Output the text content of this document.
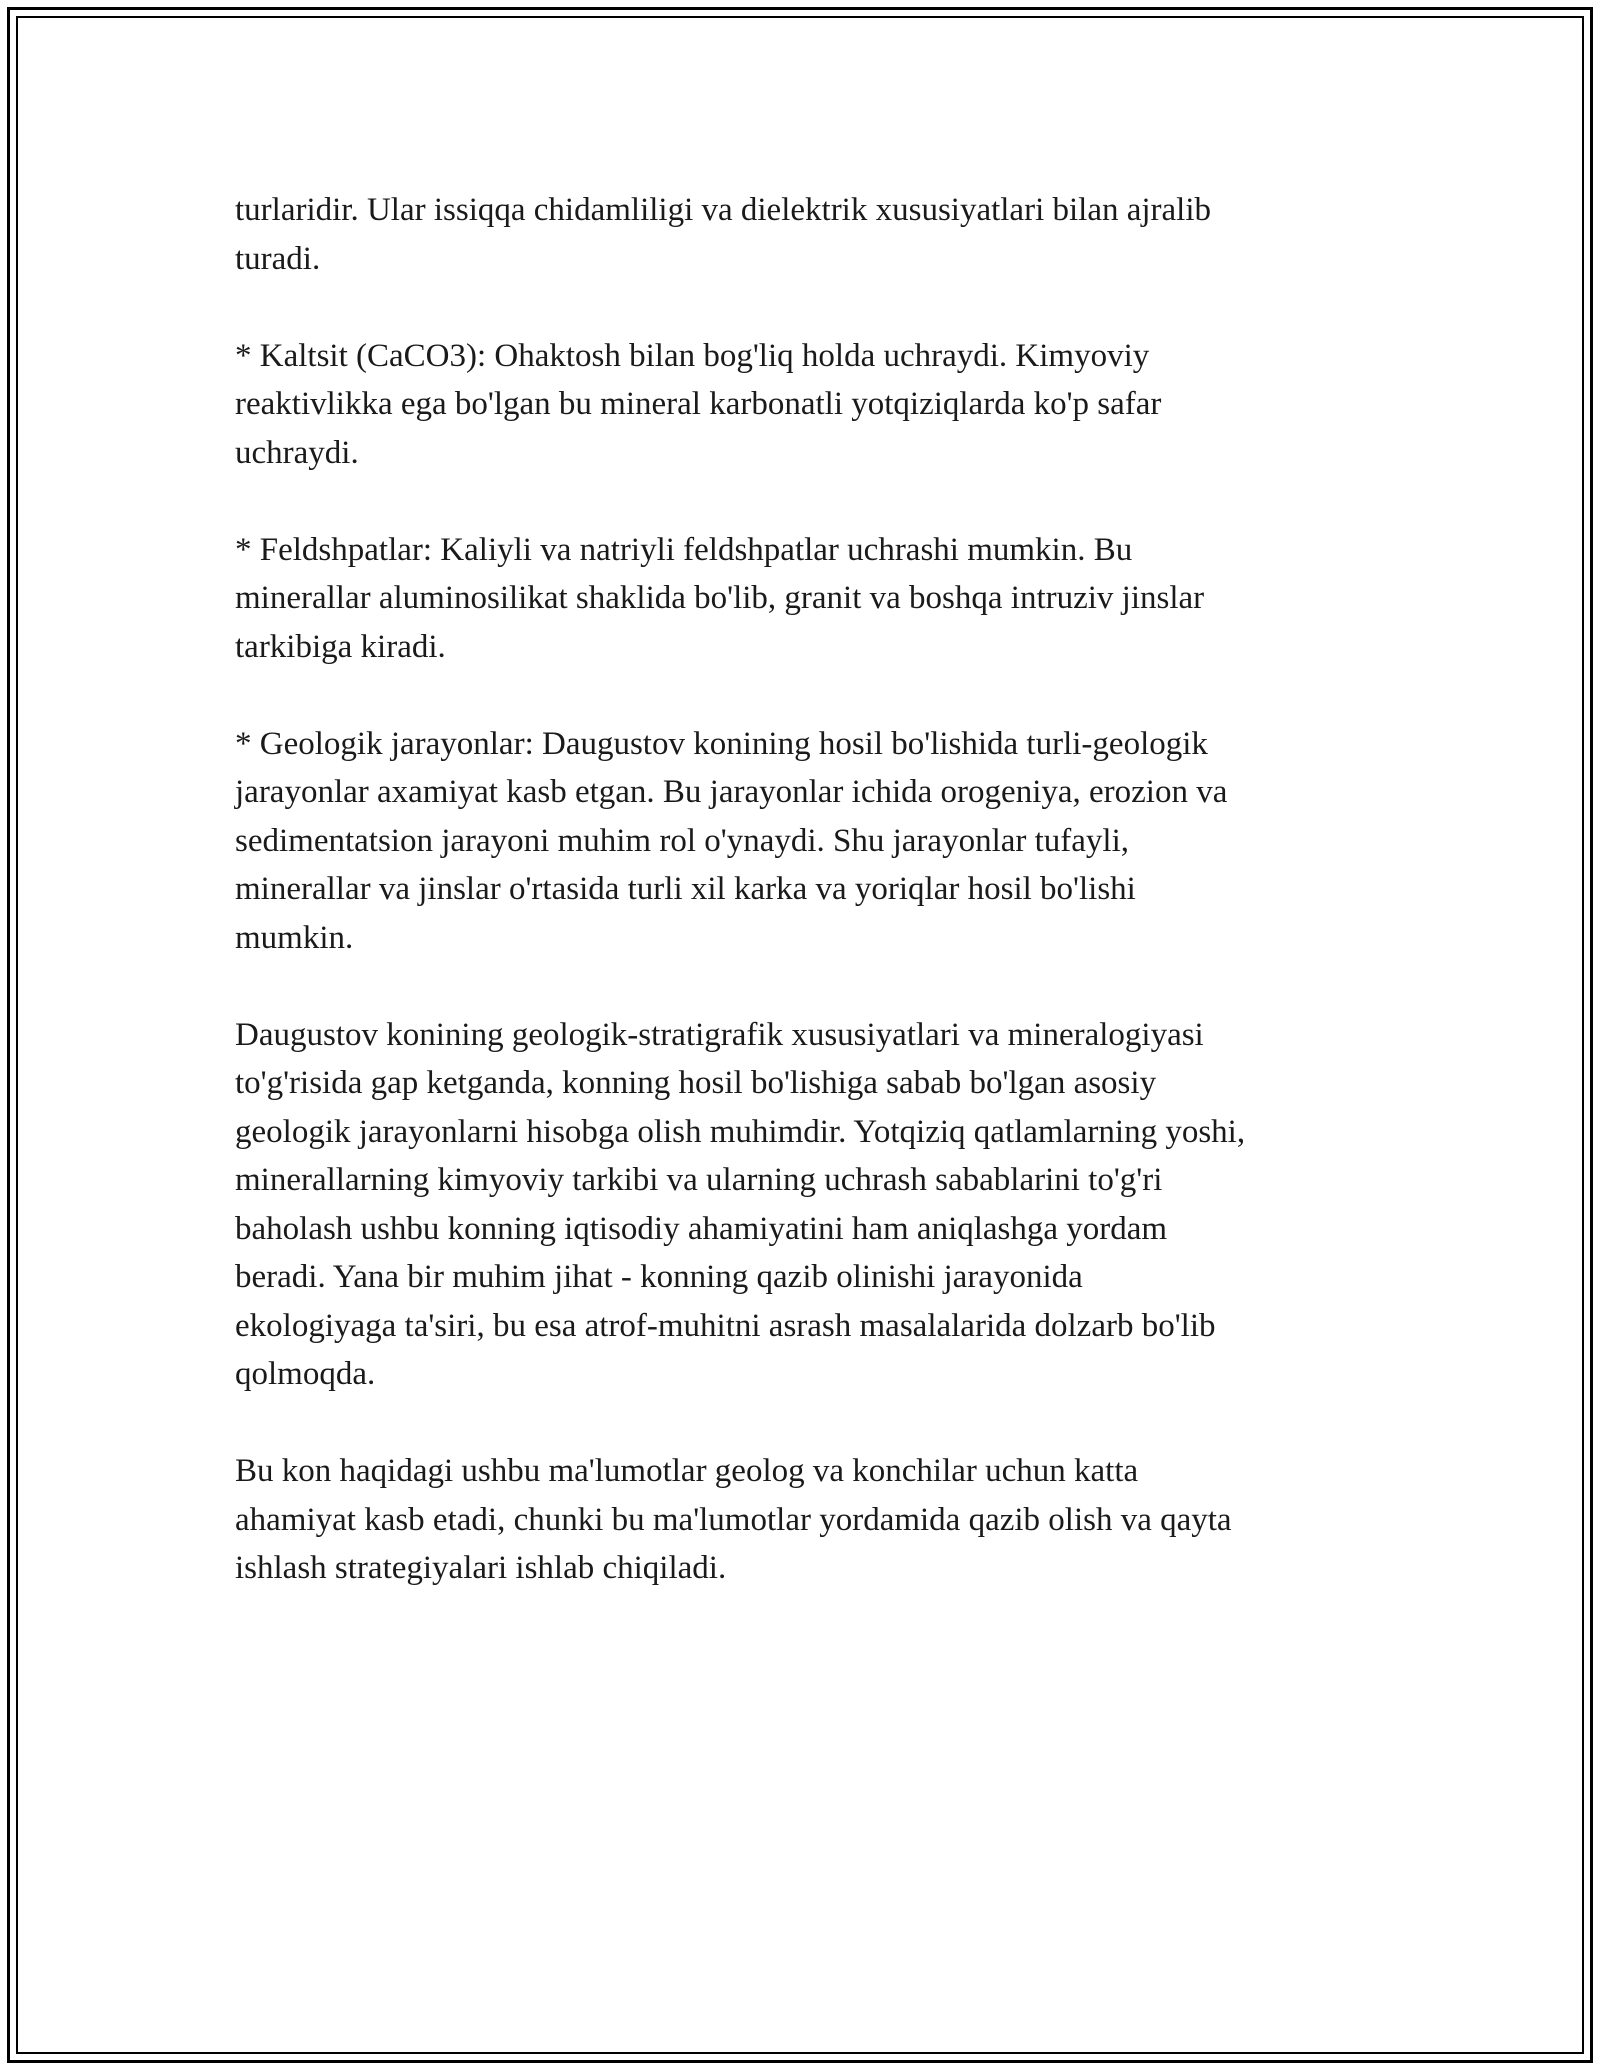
turlaridir. Ular issiqqa chidamliligi va dielektrik xususiyatlari bilan ajralib
turadi.

* Kaltsit (CaCO3): Ohaktosh bilan bog'liq holda uchraydi. Kimyoviy
reaktivlikka ega bo'lgan bu mineral karbonatli yotqiziqlarda ko'p safar
uchraydi.

* Feldshpatlar: Kaliyli va natriyli feldshpatlar uchrashi mumkin. Bu
minerallar aluminosilikat shaklida bo'lib, granit va boshqa intruziv jinslar
tarkibiga kiradi.

* Geologik jarayonlar: Daugustov konining hosil bo'lishida turli-geologik
jarayonlar axamiyat kasb etgan. Bu jarayonlar ichida orogeniya, erozion va
sedimentatsion jarayoni muhim rol o'ynaydi. Shu jarayonlar tufayli,
minerallar va jinslar o'rtasida turli xil karka va yoriqlar hosil bo'lishi
mumkin.

Daugustov konining geologik-stratigrafik xususiyatlari va mineralogiyasi
to'g'risida gap ketganda, konning hosil bo'lishiga sabab bo'lgan asosiy
geologik jarayonlarni hisobga olish muhimdir. Yotqiziq qatlamlarning yoshi,
minerallarning kimyoviy tarkibi va ularning uchrash sabablarini to'g'ri
baholash ushbu konning iqtisodiy ahamiyatini ham aniqlashga yordam
beradi. Yana bir muhim jihat - konning qazib olinishi jarayonida
ekologiyaga ta'siri, bu esa atrof-muhitni asrash masalalarida dolzarb bo'lib
qolmoqda.

Bu kon haqidagi ushbu ma'lumotlar geolog va konchilar uchun katta
ahamiyat kasb etadi, chunki bu ma'lumotlar yordamida qazib olish va qayta
ishlash strategiyalari ishlab chiqiladi.
